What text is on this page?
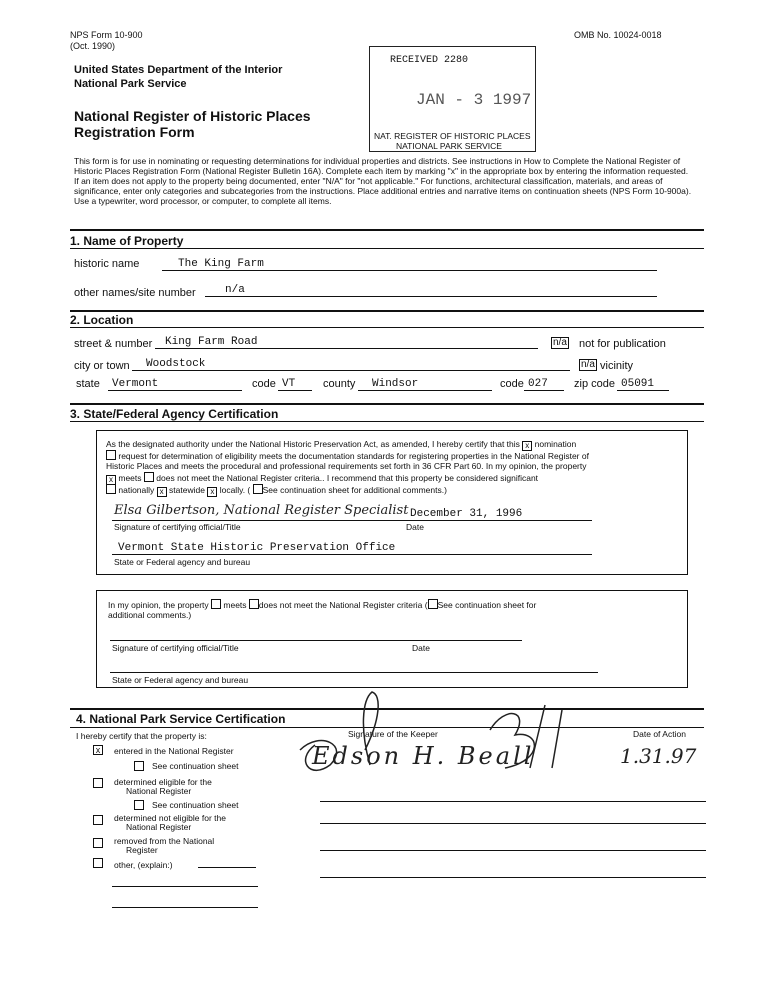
NPS Form 10-900
(Oct. 1990)
OMB No. 10024-0018
United States Department of the Interior
National Park Service
National Register of Historic Places
Registration Form
RECEIVED 2280
JAN - 3 1997
NAT. REGISTER OF HISTORIC PLACES
NATIONAL PARK SERVICE
This form is for use in nominating or requesting determinations for individual properties and districts. See instructions in How to Complete the National Register of Historic Places Registration Form (National Register Bulletin 16A). Complete each item by marking "x" in the appropriate box by entering the information requested. If an item does not apply to the property being documented, enter "N/A" for "not applicable." For functions, architectural classification, materials, and areas of significance, enter only categories and subcategories from the instructions. Place additional entries and narrative items on continuation sheets (NPS Form 10-900a). Use a typewriter, word processor, or computer, to complete all items.
1. Name of Property
historic name	The King Farm
other names/site number	n/a
2. Location
street & number King Farm Road	n/a not for publication
city or town Woodstock	n/a vicinity
state Vermont	code VT	county Windsor	code 027 zip code 05091
3. State/Federal Agency Certification
As the designated authority under the National Historic Preservation Act, as amended, I hereby certify that this x nomination
request for determination of eligibility meets the documentation standards for registering properties in the National Register of
Historic Places and meets the procedural and professional requirements set forth in 36 CFR Part 60. In my opinion, the property
x meets does not meet the National Register criteria.. I recommend that this property be considered significant
nationally x statewide x locally. ( See continuation sheet for additional comments.)
Elsa Gilbertson, National Register Specialist December 31, 1996
Signature of certifying official/Title	Date
Vermont State Historic Preservation Office
State or Federal agency and bureau
In my opinion, the property meets does not meet the National Register criteria ( See continuation sheet for
additional comments.)
Signature of certifying official/Title	Date
State or Federal agency and bureau
4. National Park Service Certification
I hereby certify that the property is:	Signature of the Keeper	Date of Action
Edson H. Beall	1.31.97
x	entered in the National Register
See continuation sheet
determined eligible for the
National Register
See continuation sheet
determined not eligible for the
National Register
removed from the National
Register
other, (explain:)
